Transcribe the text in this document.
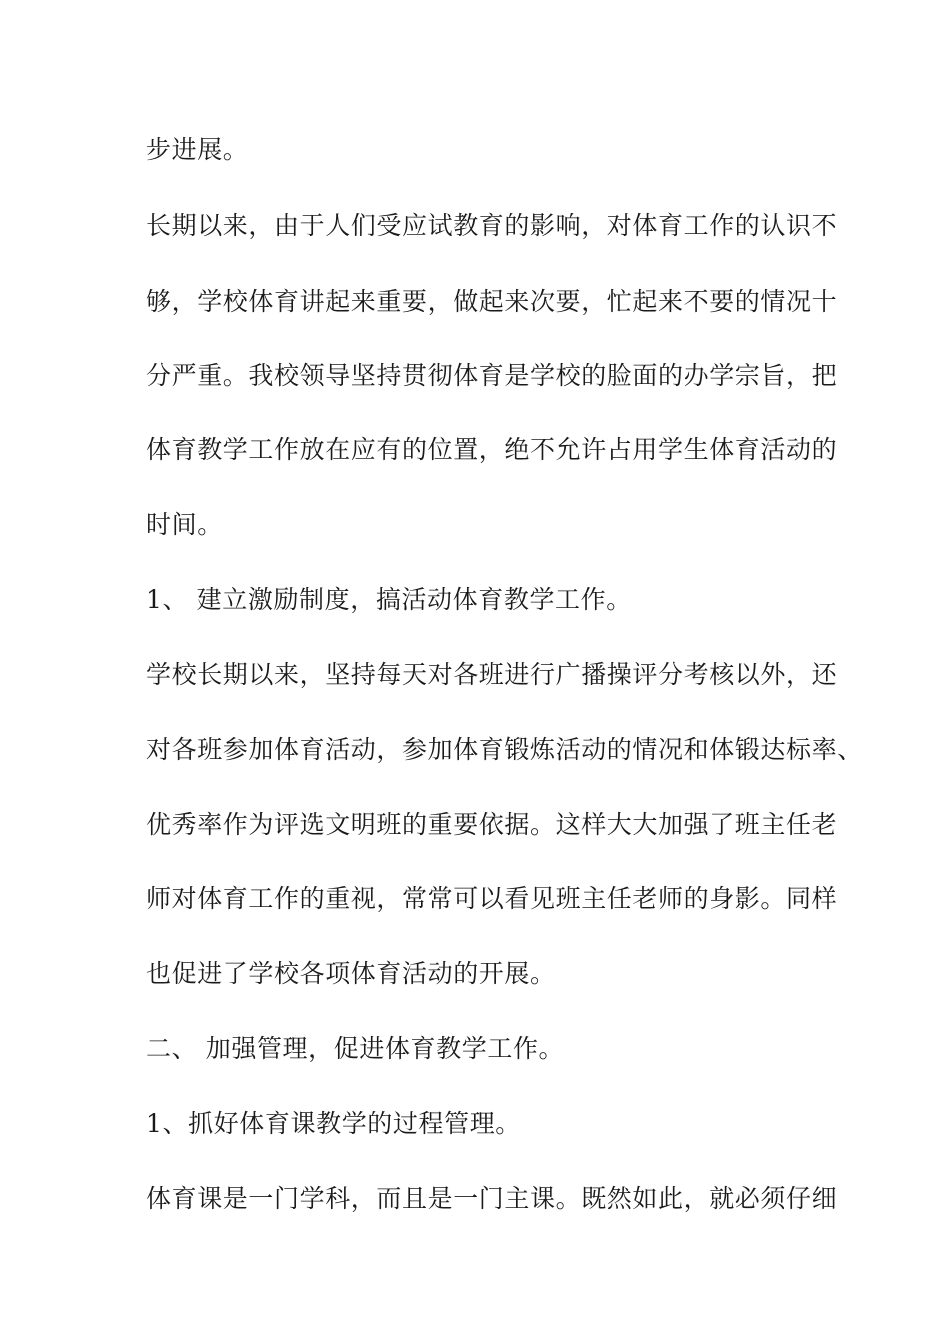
步进展。
长期以来，由于人们受应试教育的影响，对体育工作的认识不
够，学校体育讲起来重要，做起来次要，忙起来不要的情况十
分严重。我校领导坚持贯彻体育是学校的脸面的办学宗旨，把
体育教学工作放在应有的位置，绝不允许占用学生体育活动的
时间。
1、 建立激励制度，搞活动体育教学工作。
学校长期以来，坚持每天对各班进行广播操评分考核以外，还
对各班参加体育活动，参加体育锻炼活动的情况和体锻达标率、
优秀率作为评选文明班的重要依据。这样大大加强了班主任老
师对体育工作的重视，常常可以看见班主任老师的身影。同样
也促进了学校各项体育活动的开展。
二、 加强管理，促进体育教学工作。
1、抓好体育课教学的过程管理。
体育课是一门学科，而且是一门主课。既然如此，就必须仔细
